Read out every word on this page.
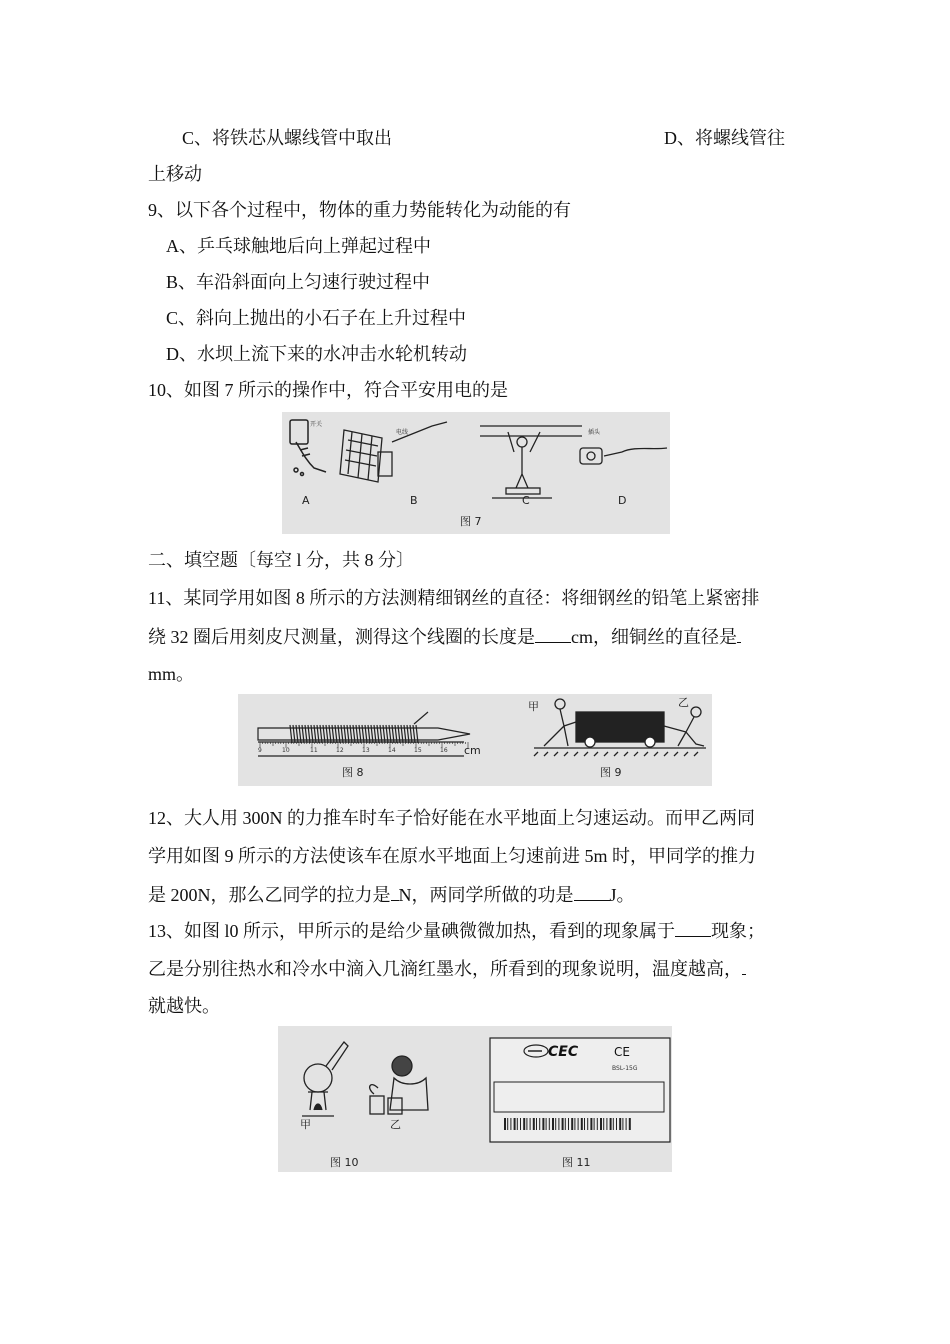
C、将铁芯从螺线管中取出	D、将螺线管往
上移动
9、以下各个过程中，物体的重力势能转化为动能的有
A、乒乓球触地后向上弹起过程中
B、车沿斜面向上匀速行驶过程中
C、斜向上抛出的小石子在上升过程中
D、水坝上流下来的水冲击水轮机转动
10、如图 7 所示的操作中，符合平安用电的是
开关
电线	插头
A	B	C	D
图 7
二、填空题〔每空 l 分，共 8 分〕
11、某同学用如图 8 所示的方法测精细钢丝的直径：将细钢丝的铅笔上紧密排
绕 32 圈后用刻皮尺测量，测得这个线圈的长度是 cm，细铜丝的直径是
mm。
9	10	11	12	13	14	15	16 cm
图 8
甲	乙
图 9
12、大人用 300N 的力推车时车子恰好能在水平地面上匀速运动。而甲乙两同
学用如图 9 所示的方法使该车在原水平地面上匀速前进 5m 时，甲同学的推力
是 200N，那么乙同学的拉力是 N，两同学所做的功是 J。
13、如图 l0 所示，甲所示的是给少量碘微微加热，看到的现象属于 现象；
乙是分别往热水和冷水中滴入几滴红墨水，所看到的现象说明，温度越高，
就越快。
甲	乙
图 10
CEC	CE
BSL-15G
图 11
